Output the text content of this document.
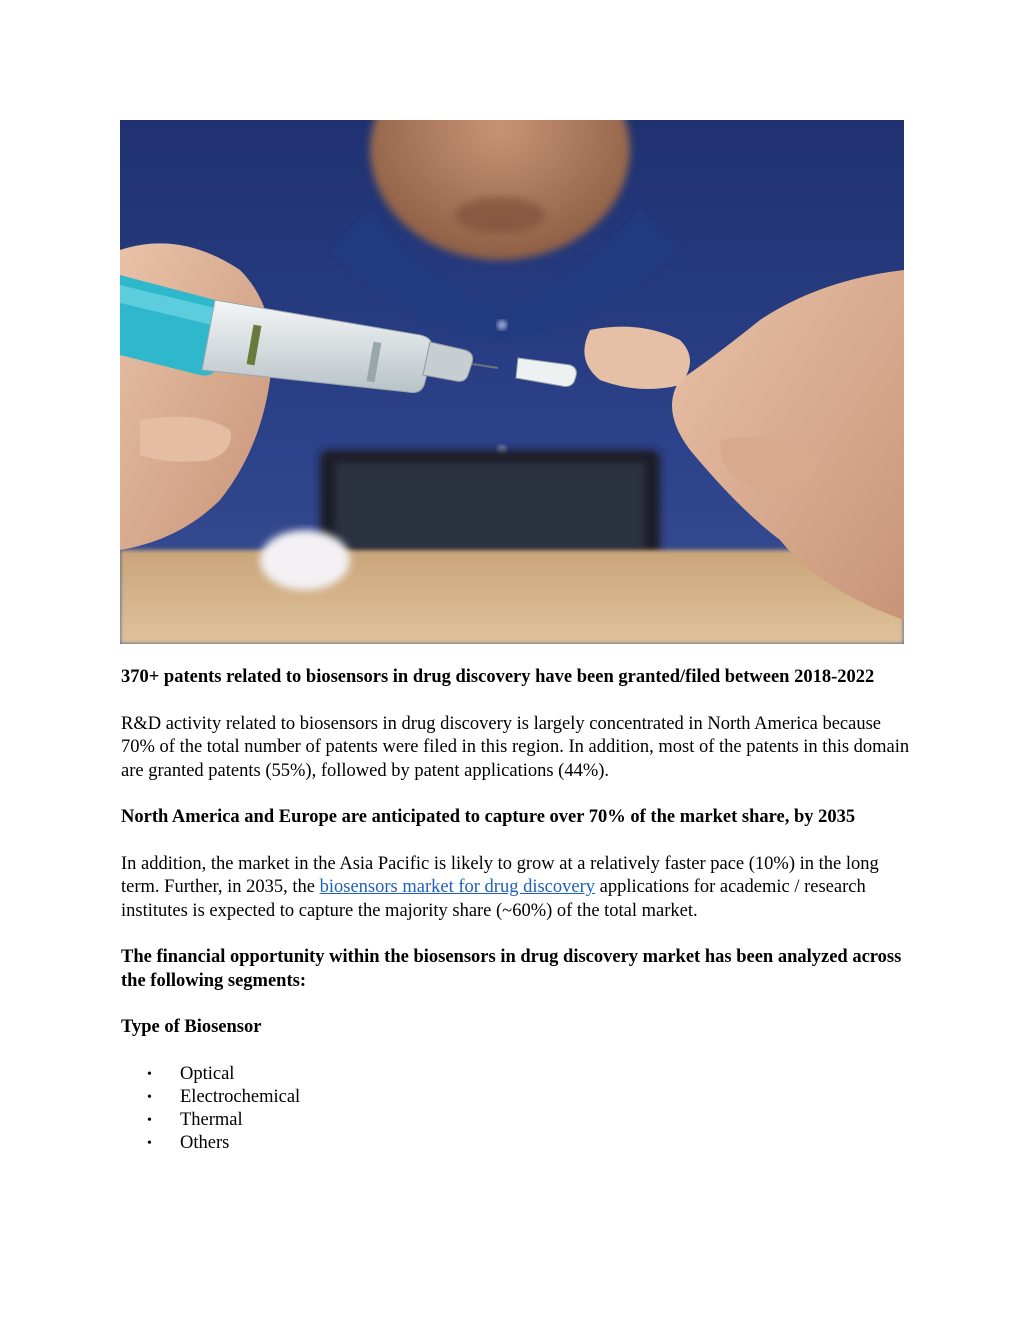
370+ patents related to biosensors in drug discovery have been granted/filed between 2018-2022

R&D activity related to biosensors in drug discovery is largely concentrated in North America because 70% of the total number of patents were filed in this region. In addition, most of the patents in this domain are granted patents (55%), followed by patent applications (44%).

North America and Europe are anticipated to capture over 70% of the market share, by 2035

In addition, the market in the Asia Pacific is likely to grow at a relatively faster pace (10%) in the long term. Further, in 2035, the biosensors market for drug discovery applications for academic / research institutes is expected to capture the majority share (~60%) of the total market.

The financial opportunity within the biosensors in drug discovery market has been analyzed across the following segments:

Type of Biosensor

• Optical
• Electrochemical
• Thermal
• Others
